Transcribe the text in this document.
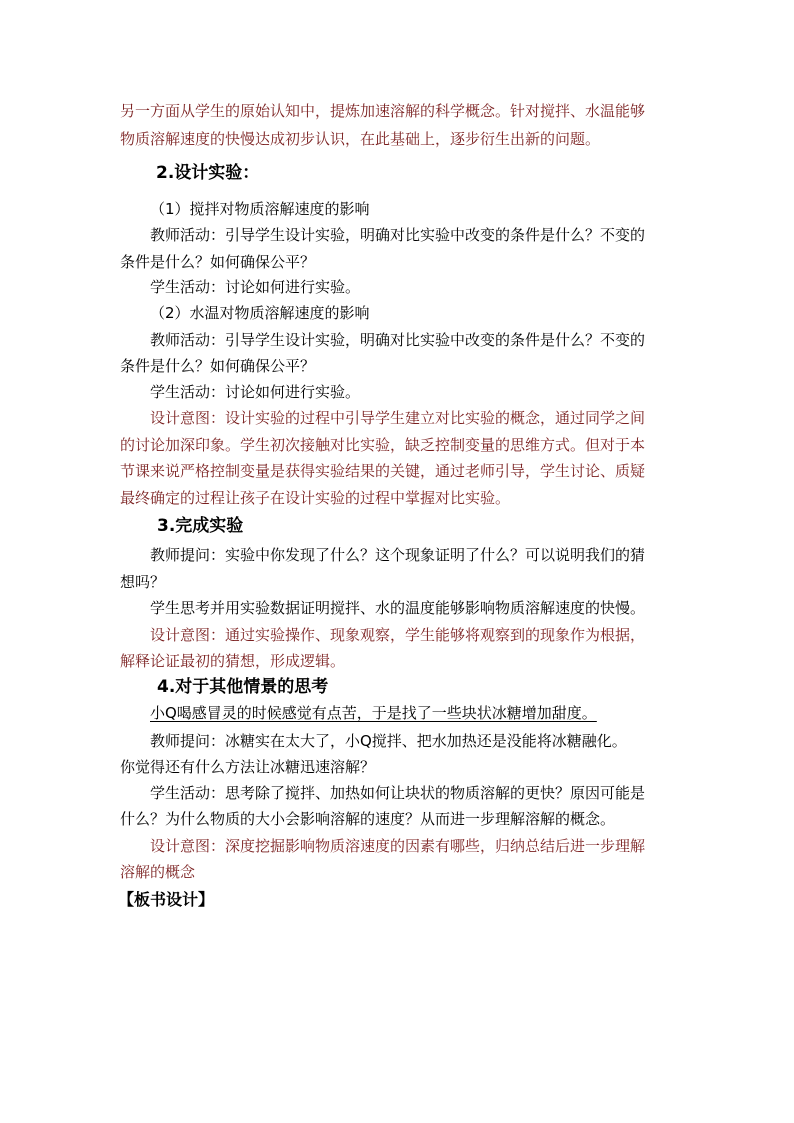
另一方面从学生的原始认知中，提炼加速溶解的科学概念。针对搅拌、水温能够
物质溶解速度的快慢达成初步认识，在此基础上，逐步衍生出新的问题。
2.设计实验：
（1）搅拌对物质溶解速度的影响
教师活动：引导学生设计实验，明确对比实验中改变的条件是什么？不变的
条件是什么？如何确保公平？
学生活动：讨论如何进行实验。
（2）水温对物质溶解速度的影响
教师活动：引导学生设计实验，明确对比实验中改变的条件是什么？不变的
条件是什么？如何确保公平？
学生活动：讨论如何进行实验。
设计意图：设计实验的过程中引导学生建立对比实验的概念，通过同学之间
的讨论加深印象。学生初次接触对比实验，缺乏控制变量的思维方式。但对于本
节课来说严格控制变量是获得实验结果的关键，通过老师引导，学生讨论、质疑
最终确定的过程让孩子在设计实验的过程中掌握对比实验。
3.完成实验
教师提问：实验中你发现了什么？这个现象证明了什么？可以说明我们的猜
想吗？
学生思考并用实验数据证明搅拌、水的温度能够影响物质溶解速度的快慢。
设计意图：通过实验操作、现象观察，学生能够将观察到的现象作为根据，
解释论证最初的猜想，形成逻辑。
4.对于其他情景的思考
小Q喝感冒灵的时候感觉有点苦，于是找了一些块状冰糖增加甜度。
教师提问：冰糖实在太大了，小Q搅拌、把水加热还是没能将冰糖融化。
你觉得还有什么方法让冰糖迅速溶解？
学生活动：思考除了搅拌、加热如何让块状的物质溶解的更快？原因可能是
什么？为什么物质的大小会影响溶解的速度？从而进一步理解溶解的概念。
设计意图：深度挖掘影响物质溶速度的因素有哪些，归纳总结后进一步理解
溶解的概念
【板书设计】
